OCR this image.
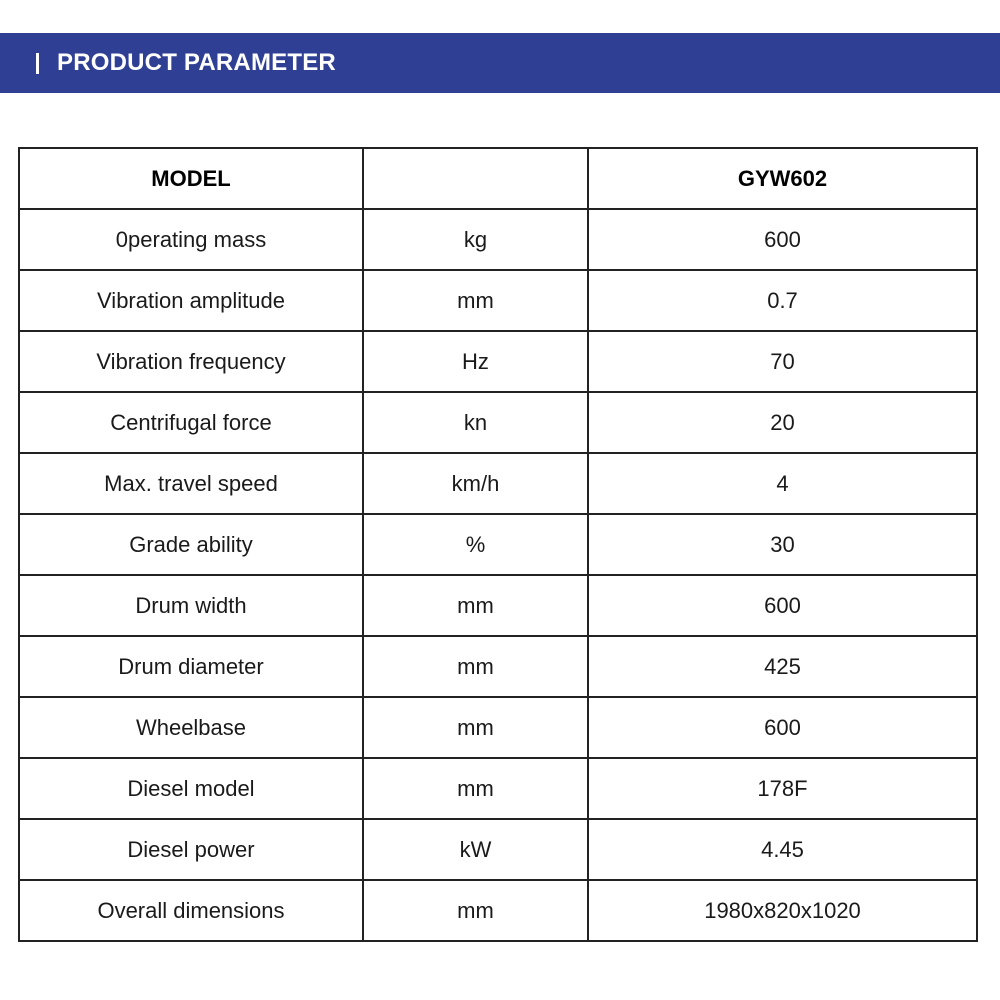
PRODUCT PARAMETER
MODEL		GYW602
0perating mass	kg	600
Vibration amplitude	mm	0.7
Vibration frequency	Hz	70
Centrifugal force	kn	20
Max. travel speed	km/h	4
Grade ability	%	30
Drum width	mm	600
Drum diameter	mm	425
Wheelbase	mm	600
Diesel model	mm	178F
Diesel power	kW	4.45
Overall dimensions	mm	1980x820x1020
